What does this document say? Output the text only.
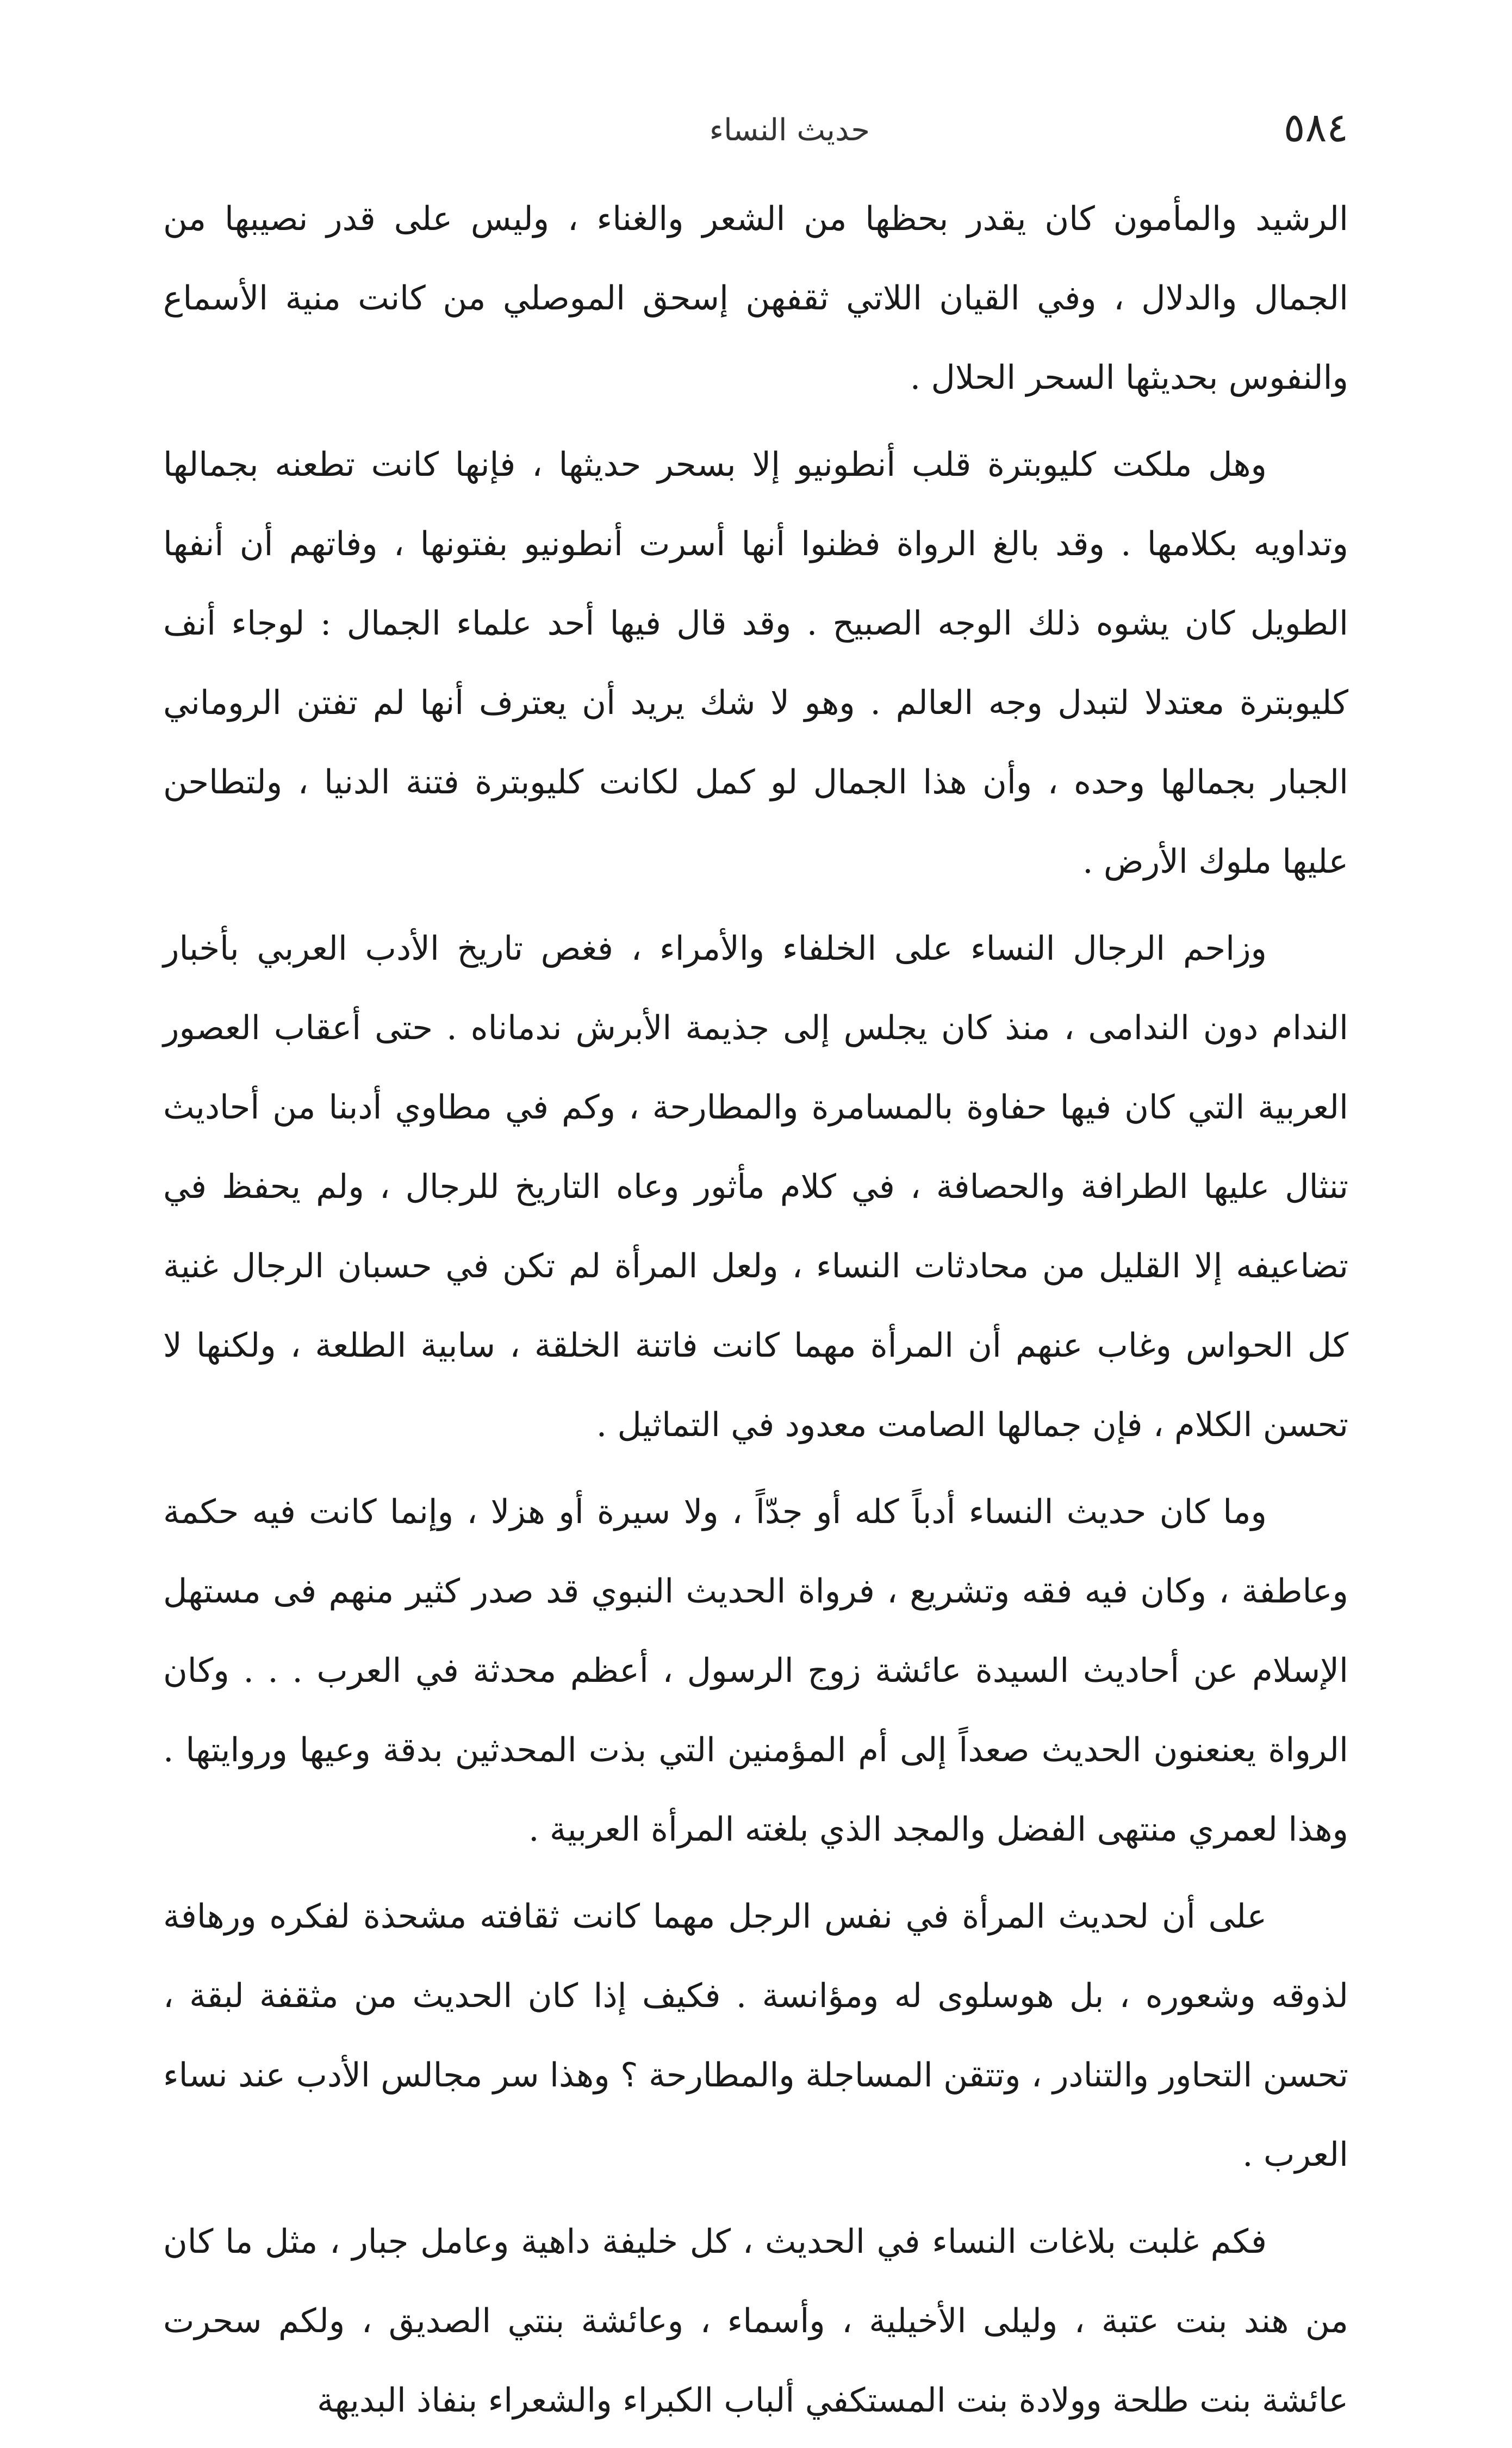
٥٨٤
حديث النساء

الرشيد والمأمون كان يقدر بحظها من الشعر والغناء ، وليس على قدر نصيبها من الجمال والدلال ، وفي القيان اللاتي ثقفهن إسحق الموصلي من كانت منية الأسماع والنفوس بحديثها السحر الحلال .

وهل ملكت كليوبترة قلب أنطونيو إلا بسحر حديثها ، فإنها كانت تطعنه بجمالها وتداويه بكلامها . وقد بالغ الرواة فظنوا أنها أسرت أنطونيو بفتونها ، وفاتهم أن أنفها الطويل كان يشوه ذلك الوجه الصبيح . وقد قال فيها أحد علماء الجمال : لوجاء أنف كليوبترة معتدلا لتبدل وجه العالم . وهو لا شك يريد أن يعترف أنها لم تفتن الروماني الجبار بجمالها وحده ، وأن هذا الجمال لو كمل لكانت كليوبترة فتنة الدنيا ، ولتطاحن عليها ملوك الأرض .

وزاحم الرجال النساء على الخلفاء والأمراء ، فغص تاريخ الأدب العربي بأخبار الندام دون الندامى ، منذ كان يجلس إلى جذيمة الأبرش ندماناه . حتى أعقاب العصور العربية التي كان فيها حفاوة بالمسامرة والمطارحة ، وكم في مطاوي أدبنا من أحاديث تنثال عليها الطرافة والحصافة ، في كلام مأثور وعاه التاريخ للرجال ، ولم يحفظ في تضاعيفه إلا القليل من محادثات النساء ، ولعل المرأة لم تكن في حسبان الرجال غنية كل الحواس وغاب عنهم أن المرأة مهما كانت فاتنة الخلقة ، سابية الطلعة ، ولكنها لا تحسن الكلام ، فإن جمالها الصامت معدود في التماثيل .

وما كان حديث النساء أدباً كله أو جدّاً ، ولا سيرة أو هزلا ، وإنما كانت فيه حكمة وعاطفة ، وكان فيه فقه وتشريع ، فرواة الحديث النبوي قد صدر كثير منهم فى مستهل الإسلام عن أحاديث السيدة عائشة زوج الرسول ، أعظم محدثة في العرب . . . وكان الرواة يعنعنون الحديث صعداً إلى أم المؤمنين التي بذت المحدثين بدقة وعيها وروايتها . وهذا لعمري منتهى الفضل والمجد الذي بلغته المرأة العربية .

على أن لحديث المرأة في نفس الرجل مهما كانت ثقافته مشحذة لفكره ورهافة لذوقه وشعوره ، بل هوسلوى له ومؤانسة . فكيف إذا كان الحديث من مثقفة لبقة ، تحسن التحاور والتنادر ، وتتقن المساجلة والمطارحة ؟ وهذا سر مجالس الأدب عند نساء العرب .

فكم غلبت بلاغات النساء في الحديث ، كل خليفة داهية وعامل جبار ، مثل ما كان من هند بنت عتبة ، وليلى الأخيلية ، وأسماء ، وعائشة بنتي الصديق ، ولكم سحرت عائشة بنت طلحة وولادة بنت المستكفي ألباب الكبراء والشعراء بنفاذ البديهة
